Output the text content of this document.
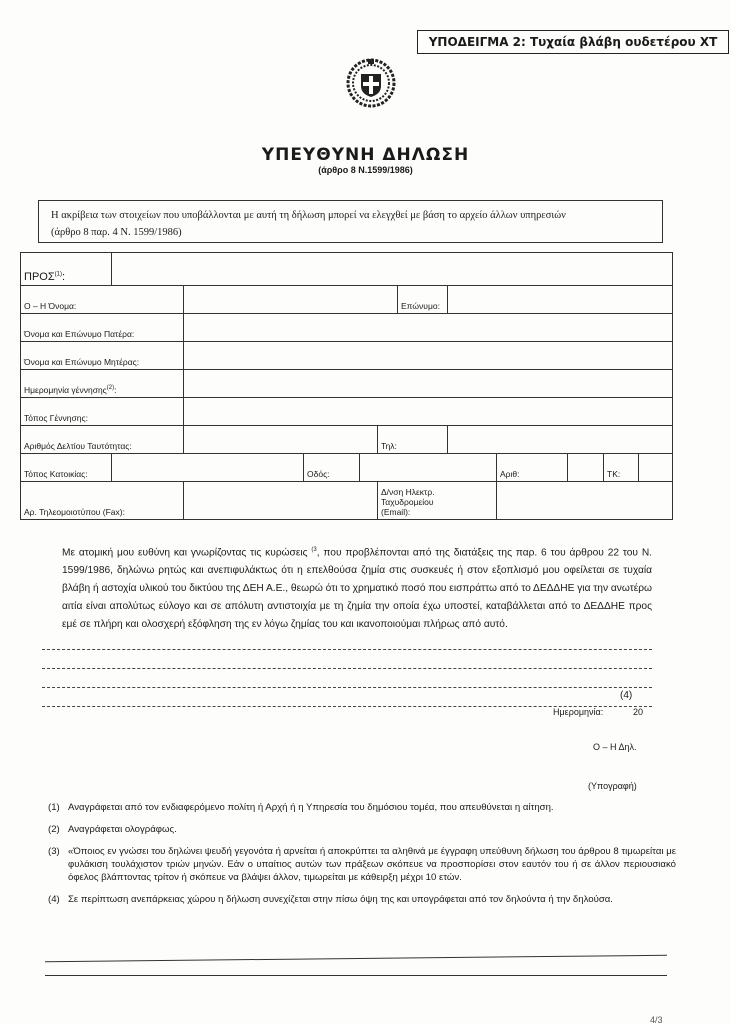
ΥΠΟΔΕΙΓΜΑ 2: Τυχαία βλάβη ουδετέρου ΧΤ
ΥΠΕΥΘΥΝΗ ΔΗΛΩΣΗ
(άρθρο 8 Ν.1599/1986)
Η ακρίβεια των στοιχείων που υποβάλλονται με αυτή τη δήλωση μπορεί να ελεγχθεί με βάση το αρχείο άλλων υπηρεσιών
(άρθρο 8 παρ. 4 Ν. 1599/1986)
ΠΡΟΣ$^{(1)}$:											
Ο – Η Όνομα:						Επώνυμο:					
Όνομα και Επώνυμο Πατέρα:											
Όνομα και Επώνυμο Μητέρας:											
Ημερομηνία γέννησης$^{(2)}$:											
Τόπος Γέννησης:											
Αριθμός Δελτίου Ταυτότητας:					Τηλ:						
Τόπος Κατοικίας:			Οδός:					Αριθ:		ΤΚ:	
Αρ. Τηλεομοιοτύπου (Fax):					Δ/νση Ηλεκτρ.
Ταχυδρομείου
(Email):						

Με ατομική μου ευθύνη και γνωρίζοντας τις κυρώσεις $^{(3}$, που προβλέπονται από της διατάξεις της παρ. 6 του άρθρου 22 του Ν. 1599/1986, δηλώνω ρητώς και ανεπιφυλάκτως ότι η επελθούσα ζημία στις συσκευές ή στον εξοπλισμό μου οφείλεται σε τυχαία βλάβη ή αστοχία υλικού του δικτύου της ΔΕΗ Α.Ε., θεωρώ ότι το χρηματικό ποσό που εισπράττω από το ΔΕΔΔΗΕ για την ανωτέρω αιτία είναι απολύτως εύλογο και σε απόλυτη αντιστοιχία με τη ζημία την οποία έχω υποστεί, καταβάλλεται από το ΔΕΔΔΗΕ προς εμέ σε πλήρη και ολοσχερή εξόφληση της εν λόγω ζημίας του και ικανοποιούμαι πλήρως από αυτό.
(4)
Ημερομηνία:	20
Ο – Η Δηλ.
(Υπογραφή)
(1) Αναγράφεται από τον ενδιαφερόμενο πολίτη ή Αρχή ή η Υπηρεσία του δημόσιου τομέα, που απευθύνεται η αίτηση.
(2) Αναγράφεται ολογράφως.
(3) «Όποιος εν γνώσει του δηλώνει ψευδή γεγονότα ή αρνείται ή αποκρύπτει τα αληθινά με έγγραφη υπεύθυνη δήλωση του άρθρου 8 τιμωρείται με φυλάκιση τουλάχιστον τριών μηνών. Εάν ο υπαίτιος αυτών των πράξεων σκόπευε να προσπορίσει στον εαυτόν του ή σε άλλον περιουσιακό όφελος βλάπτοντας τρίτον ή σκόπευε να βλάψει άλλον, τιμωρείται με κάθειρξη μέχρι 10 ετών.
(4) Σε περίπτωση ανεπάρκειας χώρου η δήλωση συνεχίζεται στην πίσω όψη της και υπογράφεται από τον δηλούντα ή την δηλούσα.
4/3
